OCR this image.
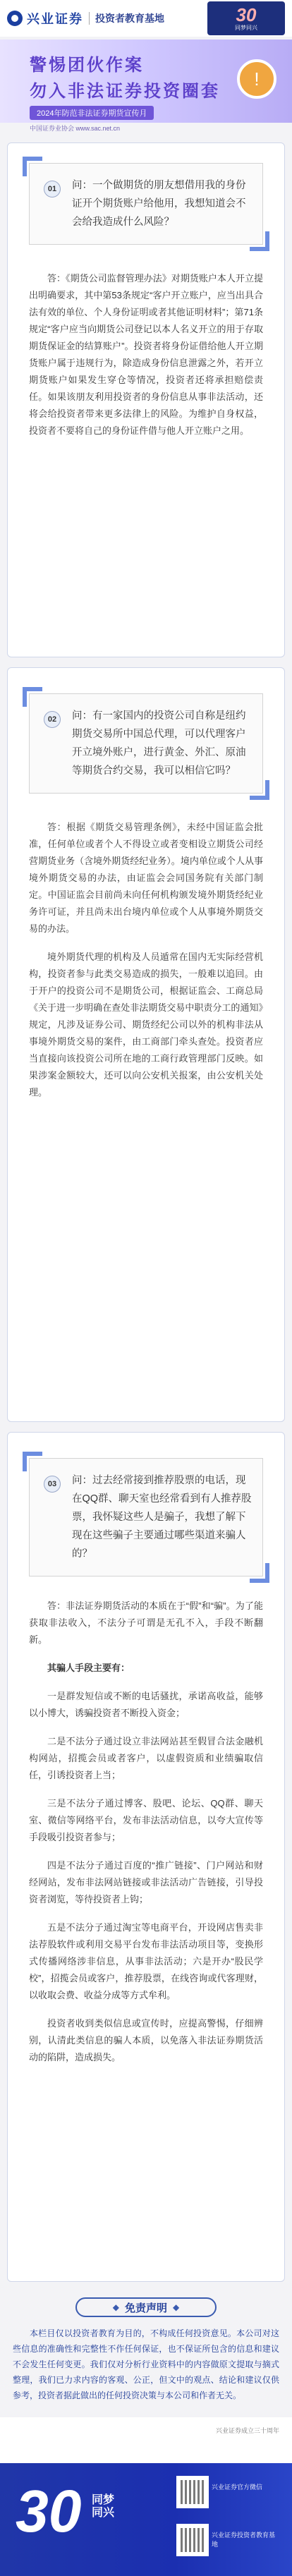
兴业证券 投资者教育基地	30
同梦同兴
警惕团伙作案
勿入非法证券投资圈套
2024年防范非法证券期货宣传月
中国证券业协会 www.sac.net.cn
!
01	问：一个做期货的朋友想借用我的身份证开个期货账户给他用，我想知道会不会给我造成什么风险？

答：《期货公司监督管理办法》对期货账户本人开立提出明确要求，其中第53条规定“客户开立账户，应当出具合法有效的单位、个人身份证明或者其他证明材料”；第71条规定“客户应当向期货公司登记以本人名义开立的用于存取期货保证金的结算账户”。投资者将身份证借给他人开立期货账户属于违规行为，除造成身份信息泄露之外，若开立期货账户如果发生穿仓等情况，投资者还将承担赔偿责任。如果该朋友利用投资者的身份信息从事非法活动，还将会给投资者带来更多法律上的风险。为维护自身权益，投资者不要将自己的身份证件借与他人开立账户之用。

02	问：有一家国内的投资公司自称是纽约期货交易所中国总代理，可以代理客户开立境外账户，进行黄金、外汇、原油等期货合约交易，我可以相信它吗？

答：根据《期货交易管理条例》，未经中国证监会批准，任何单位或者个人不得设立或者变相设立期货公司经营期货业务（含境外期货经纪业务）。境内单位或个人从事境外期货交易的办法，由证监会会同国务院有关部门制定。中国证监会目前尚未向任何机构颁发境外期货经纪业务许可证，并且尚未出台境内单位或个人从事境外期货交易的办法。

境外期货代理的机构及人员遁常在国内无实际经营机构，投资者参与此类交易造成的损失，一般难以追回。由于开户的投资公司不是期货公司，根据证监会、工商总局《关于进一步明确在查处非法期货交易中职责分工的通知》规定，凡涉及证券公司、期货经纪公司以外的机构非法从事境外期货交易的案件，由工商部门牵头查处。投资者应当直接向该投资公司所在地的工商行政管理部门反映。如果涉案金额较大，还可以向公安机关报案，由公安机关处理。

03	问：过去经常接到推荐股票的电话，现在QQ群、聊天室也经常看到有人推荐股票，我怀疑这些人是骗子，我想了解下现在这些骗子主要通过哪些渠道来骗人的？

答：非法证券期货活动的本质在于“假”和“骗”。为了能获取非法收入，不法分子可谓是无孔不入，手段不断翻新。

其骗人手段主要有：

一是群发短信或不断的电话骚扰，承诺高收益，能够以小博大，诱骗投资者不断投入资金；

二是不法分子通过设立非法网站甚至假冒合法金融机构网站，招揽会员或者客户，以虚假资质和业绩骗取信任，引诱投资者上当；

三是不法分子通过博客、股吧、论坛、QQ群、聊天室、微信等网络平台，发布非法活动信息，以夸大宣传等手段吸引投资者参与；

四是不法分子通过百度的“推广链接”、门户网站和财经网站，发布非法网站链接或非法活动广告链接，引导投资者浏览，等待投资者上钩；

五是不法分子通过淘宝等电商平台，开设网店售卖非法荐股软件或利用交易平台发布非法活动项目等，变换形式传播网络涉非信息，从事非法活动；六是开办“股民学校”，招揽会员或客户，推荐股票，在线咨询或代客理财，以收取会费、收益分成等方式牟利。

投资者收到类似信息或宣传时，应提高警惕，仔细辨别，认清此类信息的骗人本质，以免落入非法证券期货活动的陷阱，造成损失。

◆ 免责声明 ◆
本栏目仅以投资者教育为目的，不构成任何投资意见。本公司对这些信息的准确性和完整性不作任何保证，也不保证所包含的信息和建议不会发生任何变更。我们仅对分析行业资料中的内容做原文提取与摘式整理，我们已力求内容的客观、公正，但文中的观点、结论和建议仅供参考，投资者据此做出的任何投资决策与本公司和作者无关。
兴业证券成立三十周年
30 同梦
同兴
兴业证券官方微信
兴业证券投资者教育基地
